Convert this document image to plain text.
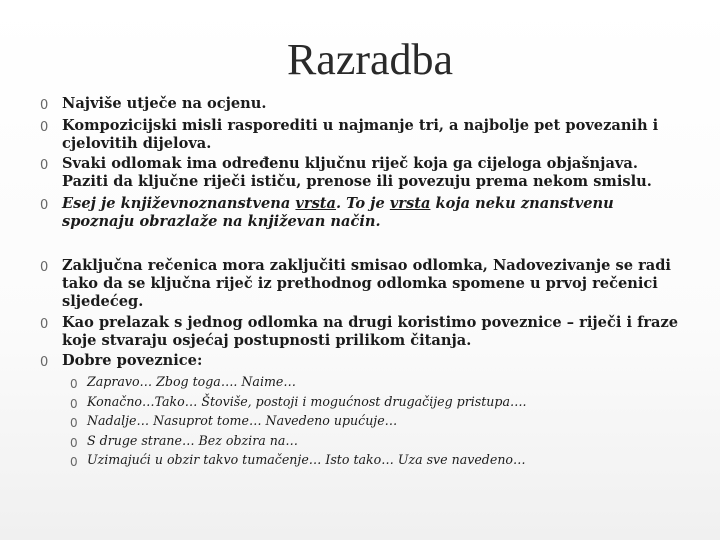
Razradba
0 Najviše utječe na ocjenu.
0 Kompozicijski misli rasporediti u najmanje tri, a najbolje pet povezanih i cjelovitih dijelova.
0 Svaki odlomak ima određenu ključnu riječ koja ga cijeloga objašnjava. Paziti da ključne riječi ističu, prenose ili povezuju prema nekom smislu.
0 Esej je književnoznanstvena vrsta. To je vrsta koja neku znanstvenu spoznaju obrazlaže na književan način.
0 Zaključna rečenica mora zaključiti smisao odlomka, Nadovezivanje se radi tako da se ključna riječ iz prethodnog odlomka spomene u prvoj rečenici sljedećeg.
0 Kao prelazak s jednog odlomka na drugi koristimo poveznice – riječi i fraze koje stvaraju osjećaj postupnosti prilikom čitanja.
0 Dobre poveznice:
0 Zapravo… Zbog toga…. Naime…
0 Konačno…Tako… Štoviše, postoji i mogućnost drugačijeg pristupa….
0 Nadalje… Nasuprot tome… Navedeno upućuje…
0 S druge strane… Bez obzira na…
0 Uzimajući u obzir takvo tumačenje… Isto tako… Uza sve navedeno…
